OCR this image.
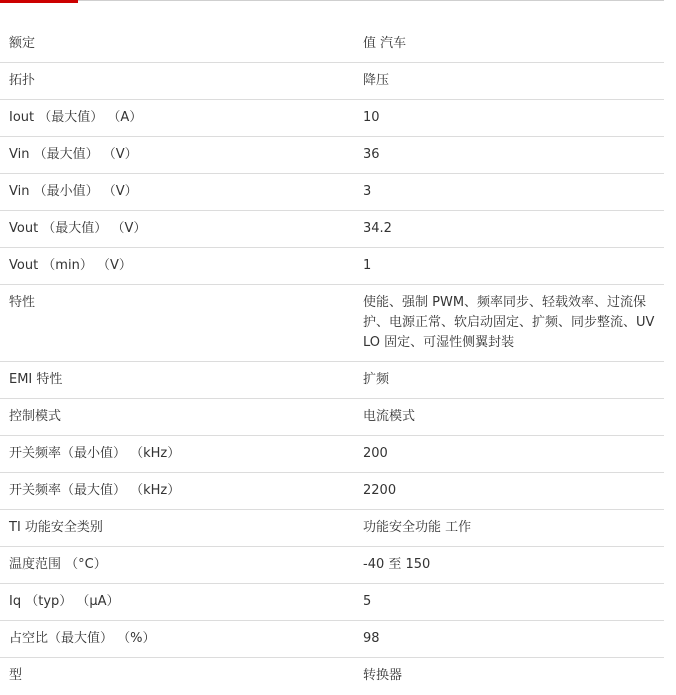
额定	值 汽车
拓扑	降压
Iout （最大值） （A）	10
Vin （最大值） （V）	36
Vin （最小值） （V）	3
Vout （最大值） （V）	34.2
Vout （min） （V）	1
特性	使能、强制 PWM、频率同步、轻载效率、过流保护、电源正常、软启动固定、扩频、同步整流、UVLO 固定、可湿性侧翼封装
EMI 特性	扩频
控制模式	电流模式
开关频率（最小值） （kHz）	200
开关频率（最大值） （kHz）	2200
TI 功能安全类别	功能安全功能 工作
温度范围 （°C）	-40 至 150
Iq （typ） （µA）	5
占空比（最大值） （%）	98
型	转换器
